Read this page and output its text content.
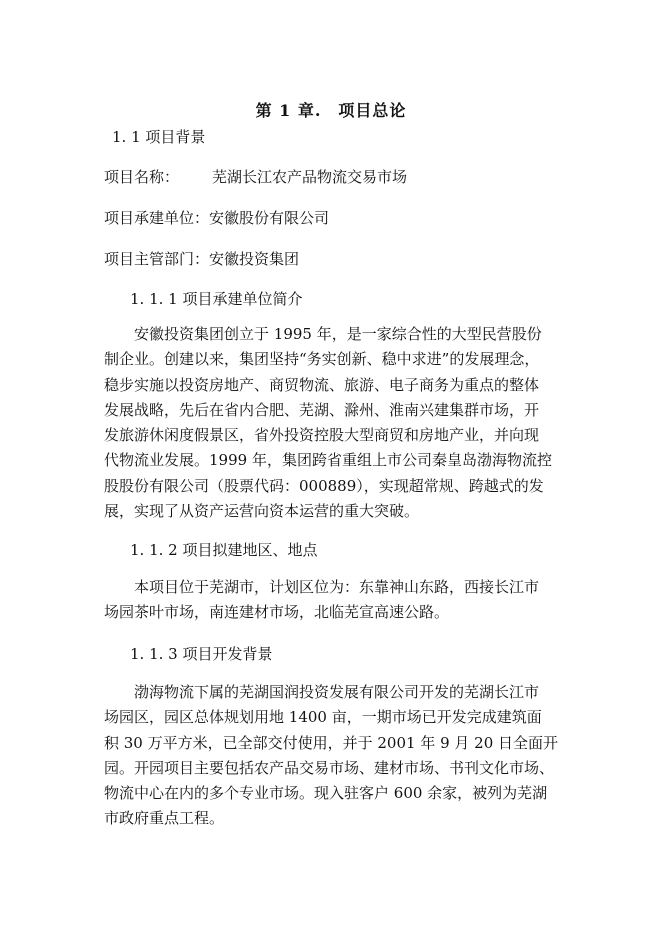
第 1 章.　项目总论
1. 1 项目背景
项目名称： 芜湖长江农产品物流交易市场
项目承建单位：安徽股份有限公司
项目主管部门：安徽投资集团
1. 1. 1 项目承建单位简介
　　安徽投资集团创立于 1995 年，是一家综合性的大型民营股份
制企业。创建以来，集团坚持“务实创新、稳中求进”的发展理念，
稳步实施以投资房地产、商贸物流、旅游、电子商务为重点的整体
发展战略，先后在省内合肥、芜湖、滁州、淮南兴建集群市场，开
发旅游休闲度假景区，省外投资控股大型商贸和房地产业，并向现
代物流业发展。1999 年，集团跨省重组上市公司秦皇岛渤海物流控
股股份有限公司（股票代码：000889），实现超常规、跨越式的发
展，实现了从资产运营向资本运营的重大突破。
1. 1. 2 项目拟建地区、地点
　　本项目位于芜湖市，计划区位为：东靠神山东路，西接长江市
场园茶叶市场，南连建材市场，北临芜宣高速公路。
1. 1. 3 项目开发背景
　　渤海物流下属的芜湖国润投资发展有限公司开发的芜湖长江市
场园区，园区总体规划用地 1400 亩，一期市场已开发完成建筑面
积 30 万平方米，已全部交付使用，并于 2001 年 9 月 20 日全面开
园。开园项目主要包括农产品交易市场、建材市场、书刊文化市场、
物流中心在内的多个专业市场。现入驻客户 600 余家，被列为芜湖
市政府重点工程。
